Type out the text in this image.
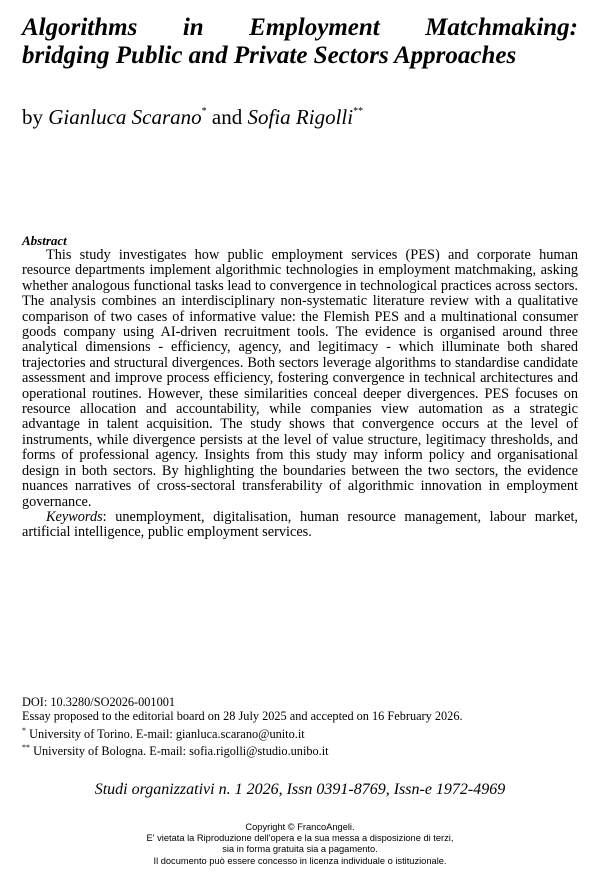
Algorithms in Employment Matchmaking:
bridging Public and Private Sectors Approaches
by Gianluca Scarano* and Sofia Rigolli**
Abstract

This study investigates how public employment services (PES) and corporate human resource departments implement algorithmic technologies in employment matchmaking, asking whether analogous functional tasks lead to convergence in technological practices across sectors. The analysis combines an interdisciplinary non-systematic literature review with a qualitative comparison of two cases of informative value: the Flemish PES and a multinational consumer goods company using AI-driven recruitment tools. The evidence is organised around three analytical dimensions - efficiency, agency, and legitimacy - which illuminate both shared trajectories and structural divergences. Both sectors leverage algorithms to standardise candidate assessment and improve process efficiency, fostering convergence in technical architectures and operational routines. However, these similarities conceal deeper divergences. PES focuses on resource allocation and accountability, while companies view automation as a strategic advantage in talent acquisition. The study shows that convergence occurs at the level of instruments, while divergence persists at the level of value structure, legitimacy thresholds, and forms of professional agency. Insights from this study may inform policy and organisational design in both sectors. By highlighting the boundaries between the two sectors, the evidence nuances narratives of cross-sectoral transferability of algorithmic innovation in employment governance.

Keywords: unemployment, digitalisation, human resource management, labour market, artificial intelligence, public employment services.

DOI: 10.3280/SO2026-001001
Essay proposed to the editorial board on 28 July 2025 and accepted on 16 February 2026.
* University of Torino. E-mail: gianluca.scarano@unito.it
** University of Bologna. E-mail: sofia.rigolli@studio.unibo.it
Studi organizzativi n. 1 2026, Issn 0391-8769, Issn-e 1972-4969
Copyright © FrancoAngeli.
E' vietata la Riproduzione dell'opera e la sua messa a disposizione di terzi,
sia in forma gratuita sia a pagamento.
Il documento può essere concesso in licenza individuale o istituzionale.
